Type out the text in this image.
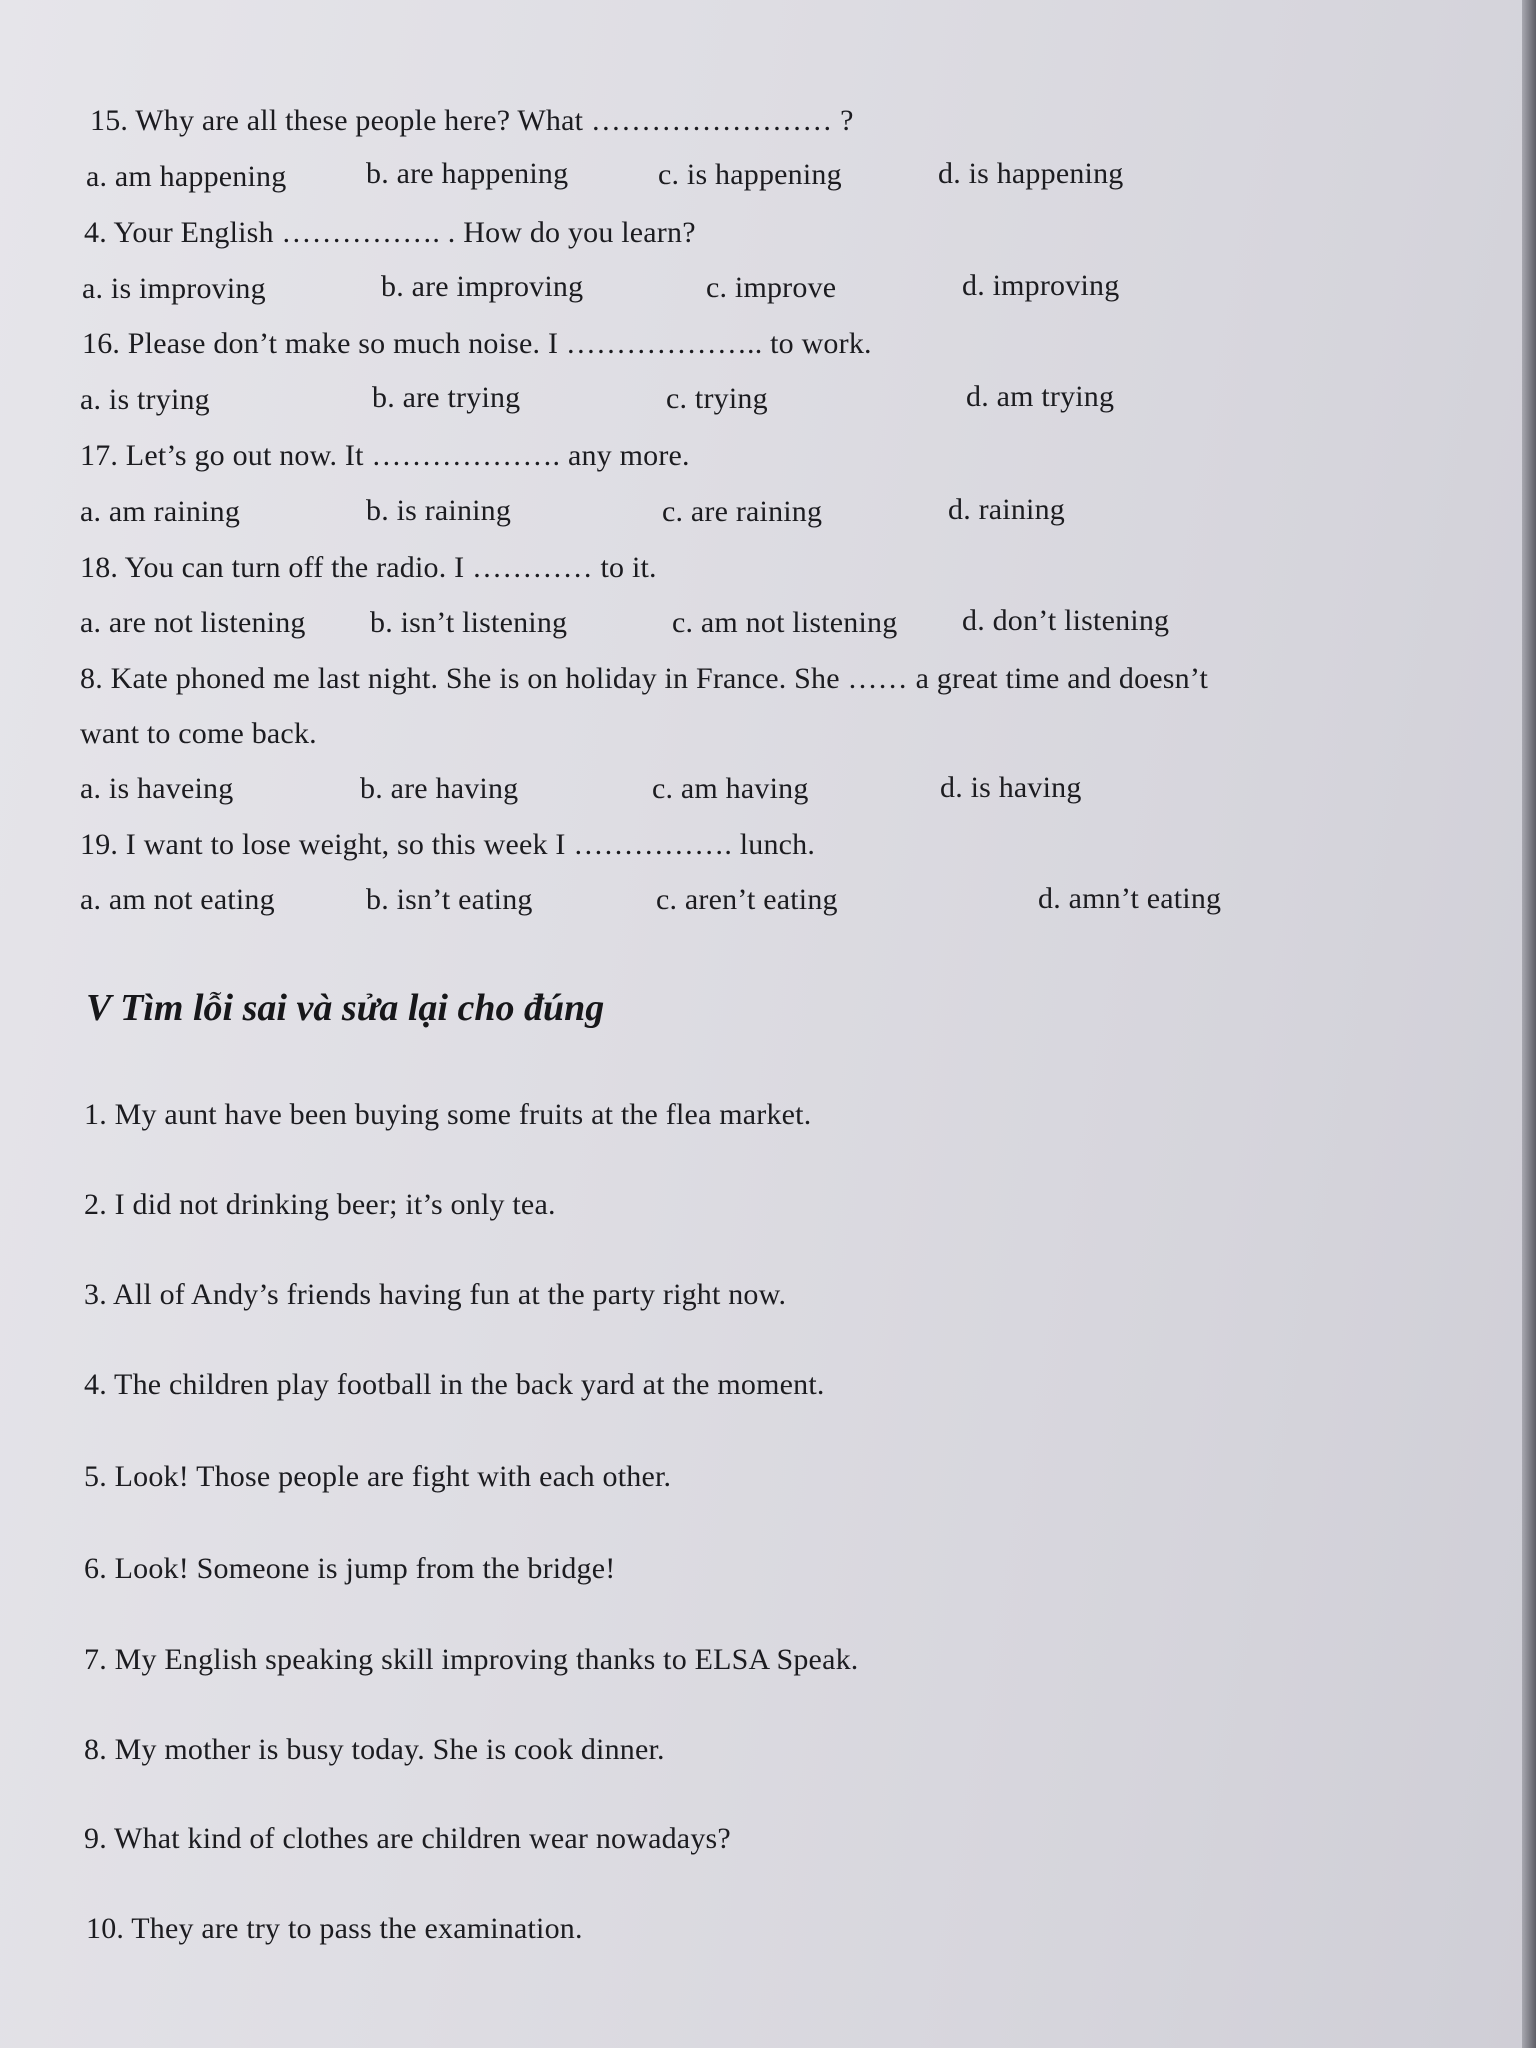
15. Why are all these people here? What …………………… ?
a. am happening	b. are happening	c. is happening	d. is happening
4. Your English ……………. . How do you learn?
a. is improving	b. are improving	c. improve	d. improving
16. Please don’t make so much noise. I ……………….. to work.
a. is trying	b. are trying	c. trying	d. am trying
17. Let’s go out now. It ………………. any more.
a. am raining	b. is raining	c. are raining	d. raining
18. You can turn off the radio. I ………… to it.
a. are not listening b. isn’t listening	c. am not listening d. don’t listening
8. Kate phoned me last night. She is on holiday in France. She …… a great time and doesn’t
want to come back.
a. is haveing	b. are having	c. am having	d. is having
19. I want to lose weight, so this week I ……………. lunch.
a. am not eating	b. isn’t eating	c. aren’t eating	d. amn’t eating
V Tìm lỗi sai và sửa lại cho đúng
1. My aunt have been buying some fruits at the flea market.
2. I did not drinking beer; it’s only tea.
3. All of Andy’s friends having fun at the party right now.
4. The children play football in the back yard at the moment.
5. Look! Those people are fight with each other.
6. Look! Someone is jump from the bridge!
7. My English speaking skill improving thanks to ELSA Speak.
8. My mother is busy today. She is cook dinner.
9. What kind of clothes are children wear nowadays?
10. They are try to pass the examination.
